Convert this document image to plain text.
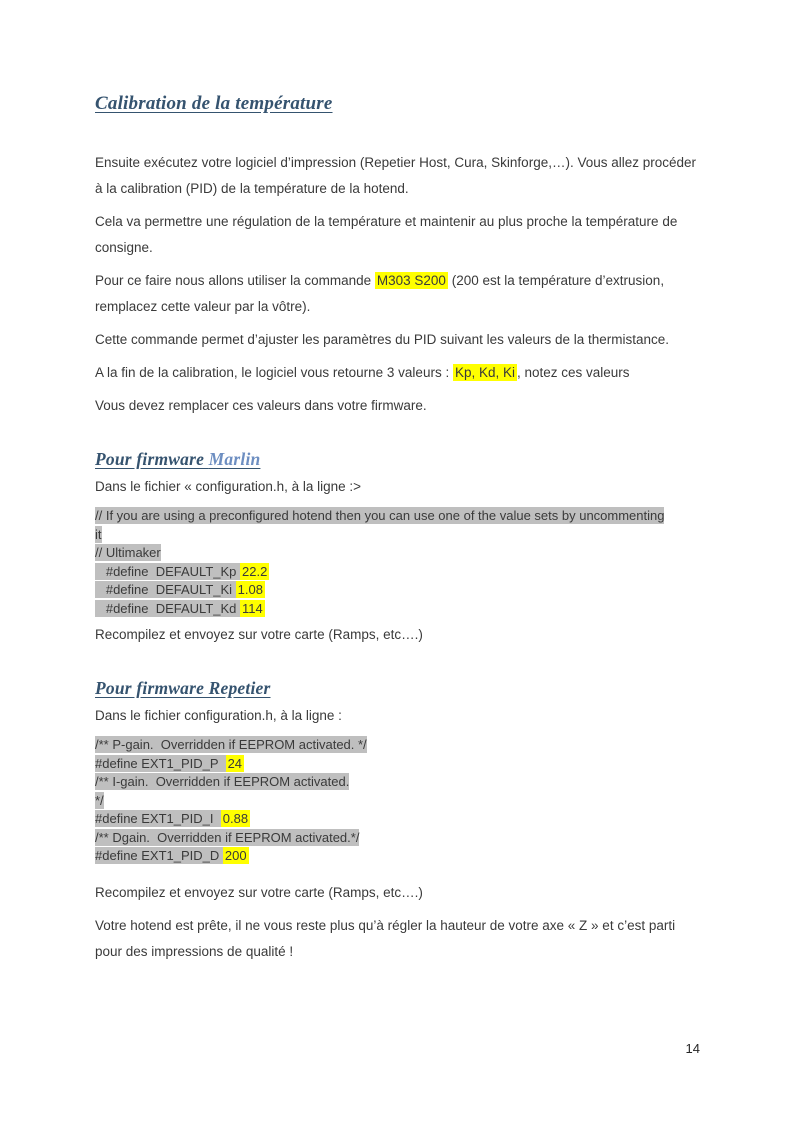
Calibration de la température

Ensuite exécutez votre logiciel d’impression (Repetier Host, Cura, Skinforge,…). Vous allez procéder à la calibration (PID) de la température de la hotend.

Cela va permettre une régulation de la température et maintenir au plus proche la température de consigne.

Pour ce faire nous allons utiliser la commande M303 S200 (200 est la température d’extrusion, remplacez cette valeur par la vôtre).

Cette commande permet d’ajuster les paramètres du PID suivant les valeurs de la thermistance.

A la fin de la calibration, le logiciel vous retourne 3 valeurs : Kp, Kd, Ki , notez ces valeurs

Vous devez remplacer ces valeurs dans votre firmware.

Pour firmware Marlin

Dans le fichier « configuration.h, à la ligne :>

// If you are using a preconfigured hotend then you can use one of the value sets by uncommenting
it
// Ultimaker
#define  DEFAULT_Kp 22.2
#define  DEFAULT_Ki 1.08
#define  DEFAULT_Kd 114

Recompilez et envoyez sur votre carte (Ramps, etc….)

Pour firmware Repetier

Dans le fichier configuration.h, à la ligne :

/** P-gain.  Overridden if EEPROM activated. */
#define EXT1_PID_P  24
/** I-gain.  Overridden if EEPROM activated.
*/
#define EXT1_PID_I  0.88
/** Dgain.  Overridden if EEPROM activated.*/
#define EXT1_PID_D 200

Recompilez et envoyez sur votre carte (Ramps, etc….)

Votre hotend est prête, il ne vous reste plus qu’à régler la hauteur de votre axe « Z » et c’est parti pour des impressions de qualité !

14
